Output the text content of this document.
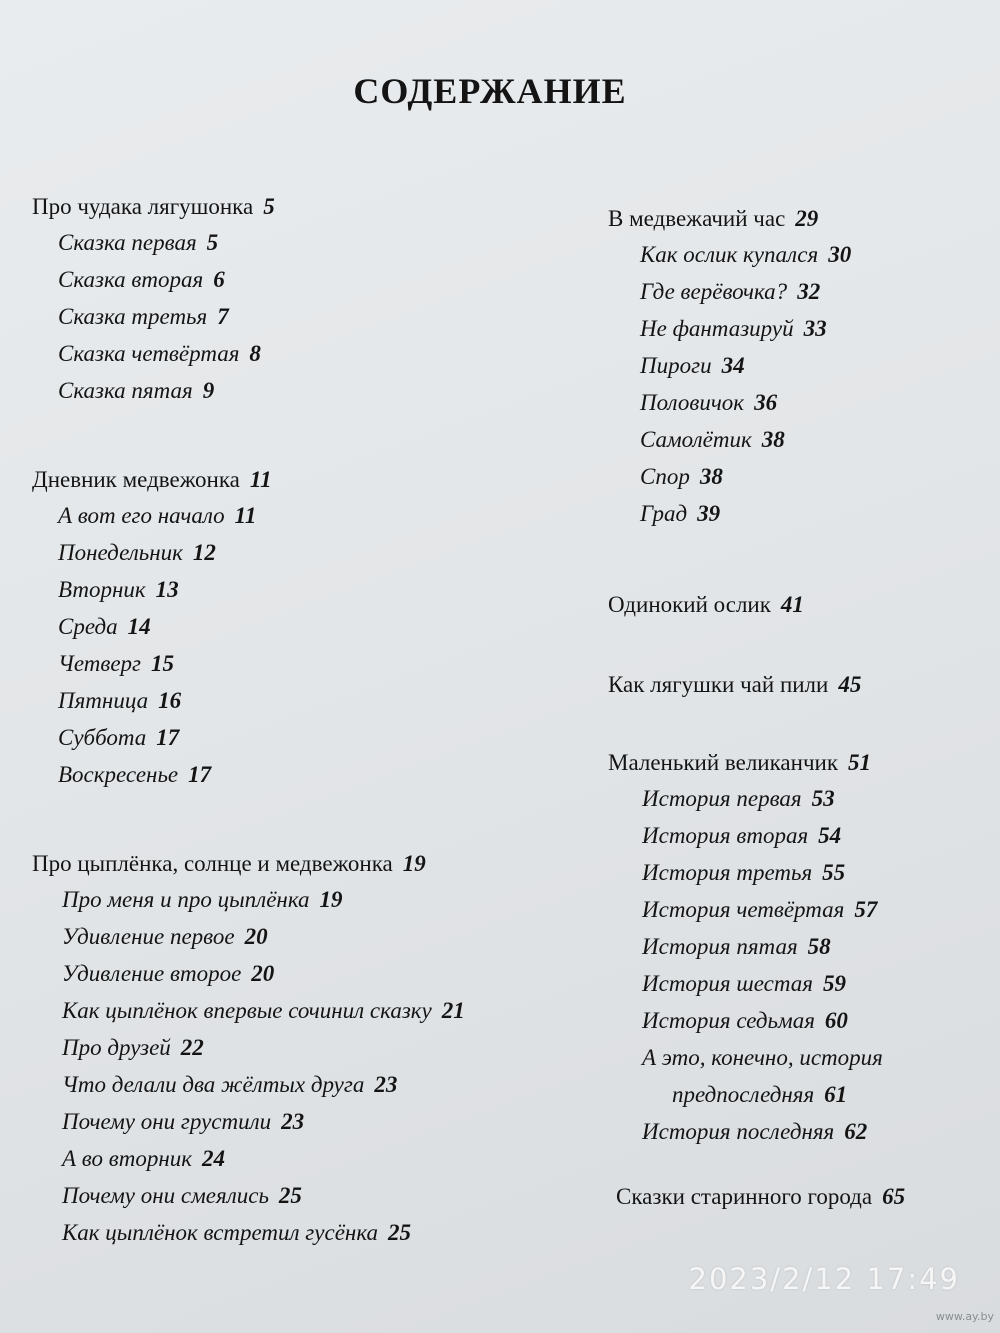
СОДЕРЖАНИЕ
Про чудака лягушонка 5
Сказка первая 5
Сказка вторая 6
Сказка третья 7
Сказка четвёртая 8
Сказка пятая 9
Дневник медвежонка 11
А вот его начало 11
Понедельник 12
Вторник 13
Среда 14
Четверг 15
Пятница 16
Суббота 17
Воскресенье 17
Про цыплёнка, солнце и медвежонка 19
Про меня и про цыплёнка 19
Удивление первое 20
Удивление второе 20
Как цыплёнок впервые сочинил сказку 21
Про друзей 22
Что делали два жёлтых друга 23
Почему они грустили 23
А во вторник 24
Почему они смеялись 25
Как цыплёнок встретил гусёнка 25
В медвежачий час 29
Как ослик купался 30
Где верёвочка? 32
Не фантазируй 33
Пироги 34
Половичок 36
Самолётик 38
Спор 38
Град 39
Одинокий ослик 41
Как лягушки чай пили 45
Маленький великанчик 51
История первая 53
История вторая 54
История третья 55
История четвёртая 57
История пятая 58
История шестая 59
История седьмая 60
А это, конечно, история
предпоследняя 61
История последняя 62
Сказки старинного города 65
2023/2/12 17:49
www.ay.by
